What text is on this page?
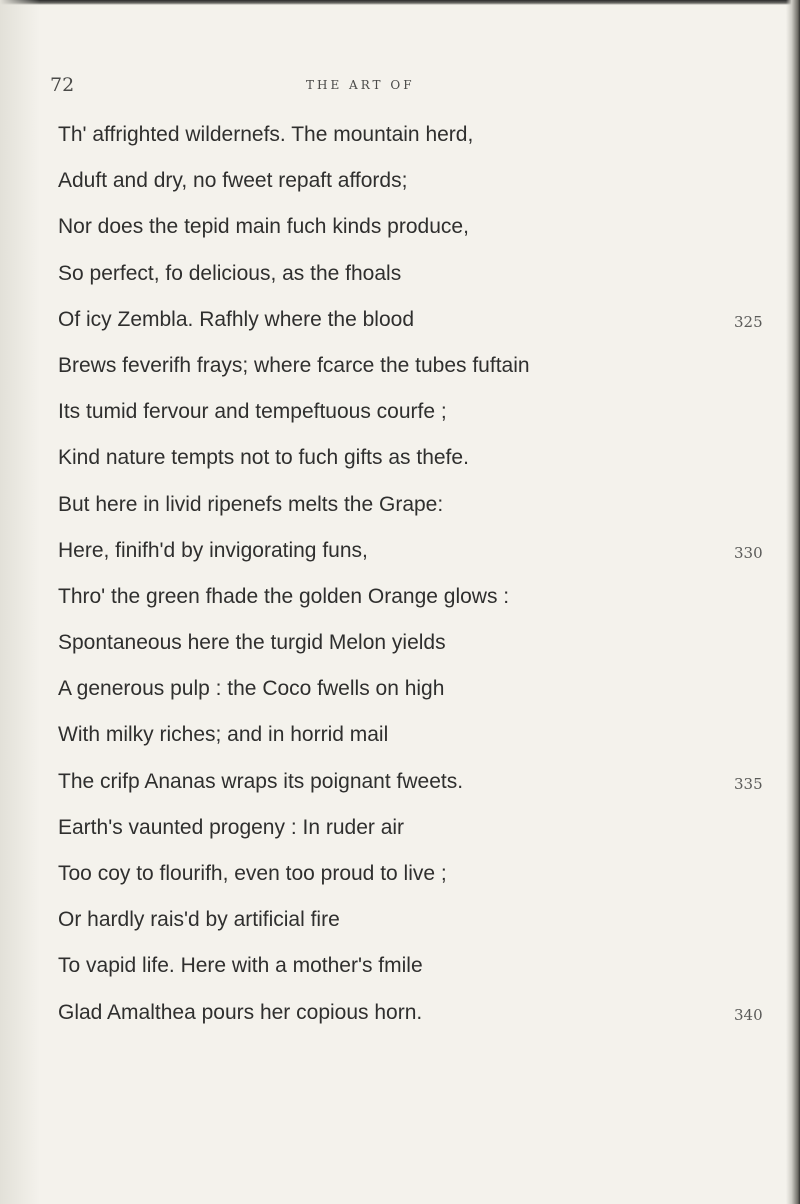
72	THE ART OF
Th' affrighted wildernefs. The mountain herd,
Aduft and dry, no fweet repaft affords;
Nor does the tepid main fuch kinds produce,
So perfect, fo delicious, as the fhoals
Of icy Zembla. Rafhly where the blood	325
Brews feverifh frays; where fcarce the tubes fuftain
Its tumid fervour and tempeftuous courfe ;
Kind nature tempts not to fuch gifts as thefe.
But here in livid ripenefs melts the Grape:
Here, finifh'd by invigorating funs,	330
Thro' the green fhade the golden Orange glows :
Spontaneous here the turgid Melon yields
A generous pulp : the Coco fwells on high
With milky riches; and in horrid mail
The crifp Ananas wraps its poignant fweets.	335
Earth's vaunted progeny : In ruder air
Too coy to flourifh, even too proud to live ;
Or hardly rais'd by artificial fire
To vapid life. Here with a mother's fmile
Glad Amalthea pours her copious horn.	340
